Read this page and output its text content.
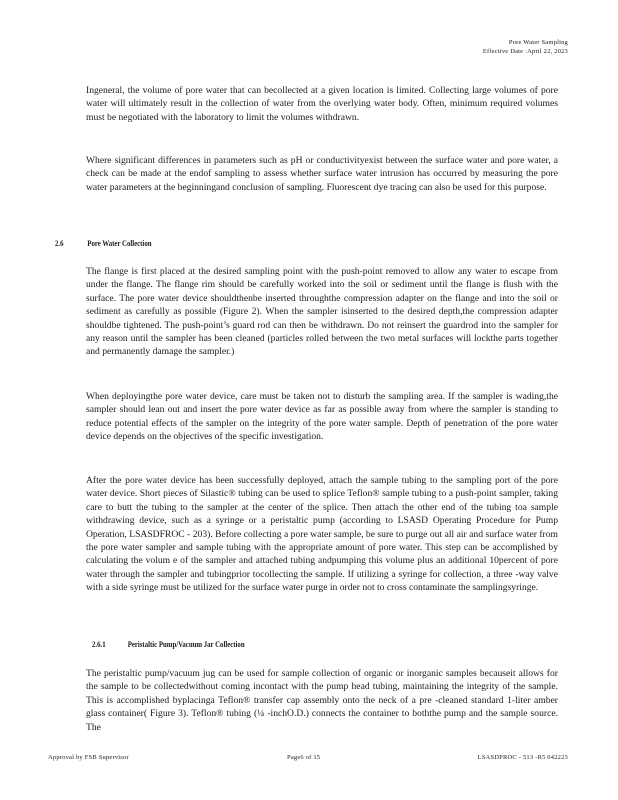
Pore Water Sampling
Effective Date :April 22, 2023

Ingeneral, the volume of pore water that can becollected at a given location is limited. Collecting large volumes of pore water will ultimately result in the collection of water from the overlying water body. Often, minimum required volumes must be negotiated with the laboratory to limit the volumes withdrawn.

Where significant differences in parameters such as pH or conductivityexist between the surface water and pore water, a check can be made at the endof sampling to assess whether surface water intrusion has occurred by measuring the pore water parameters at the beginningand conclusion of sampling. Fluorescent dye tracing can also be used for this purpose.

2.6	Pore Water Collection

The flange is first placed at the desired sampling point with the push-point removed to allow any water to escape from under the flange. The flange rim should be carefully worked into the soil or sediment until the flange is flush with the surface. The pore water device shouldthenbe inserted throughthe compression adapter on the flange and into the soil or sediment as carefully as possible (Figure 2). When the sampler isinserted to the desired depth,the compression adapter shouldbe tightened. The push-point’s guard rod can then be withdrawn. Do not reinsert the guardrod into the sampler for any reason until the sampler has been cleaned (particles rolled between the two metal surfaces will lockthe parts together and permanently damage the sampler.)

When deployingthe pore water device, care must be taken not to disturb the sampling area. If the sampler is wading,the sampler should lean out and insert the pore water device as far as possible away from where the sampler is standing to reduce potential effects of the sampler on the integrity of the pore water sample. Depth of penetration of the pore water device depends on the objectives of the specific investigation.

After the pore water device has been successfully deployed, attach the sample tubing to the sampling port of the pore water device. Short pieces of Silastic® tubing can be used to splice Teflon® sample tubing to a push-point sampler, taking care to butt the tubing to the sampler at the center of the splice. Then attach the other end of the tubing toa sample withdrawing device, such as a syringe or a peristaltic pump (according to LSASD Operating Procedure for Pump Operation, LSASDFROC - 203). Before collecting a pore water sample, be sure to purge out all air and surface water from the pore water sampler and sample tubing with the appropriate amount of pore water. This step can be accomplished by calculating the volum e of the sampler and attached tubing andpumping this volume plus an additional 10percent of pore water through the sampler and tubingprior tocollecting the sample. If utilizing a syringe for collection, a three -way valve with a side syringe must be utilized for the surface water purge in order not to cross contaminate the samplingsyringe.

2.6.1	Peristaltic Pump/Vacuum Jar Collection

The peristaltic pump/vacuum jug can be used for sample collection of organic or inorganic samples becauseit allows for the sample to be collectedwithout coming incontact with the pump head tubing, maintaining the integrity of the sample. This is accomplished byplacinga Teflon® transfer cap assembly onto the neck of a pre -cleaned standard 1-liter amber glass container( Figure 3). Teflon® tubing (¼ -inchO.D.) connects the container to boththe pump and the sample source. The

Approval by FSB Supervisor	Page6 of 15	LSASDPROC - 513 -R5 042223
